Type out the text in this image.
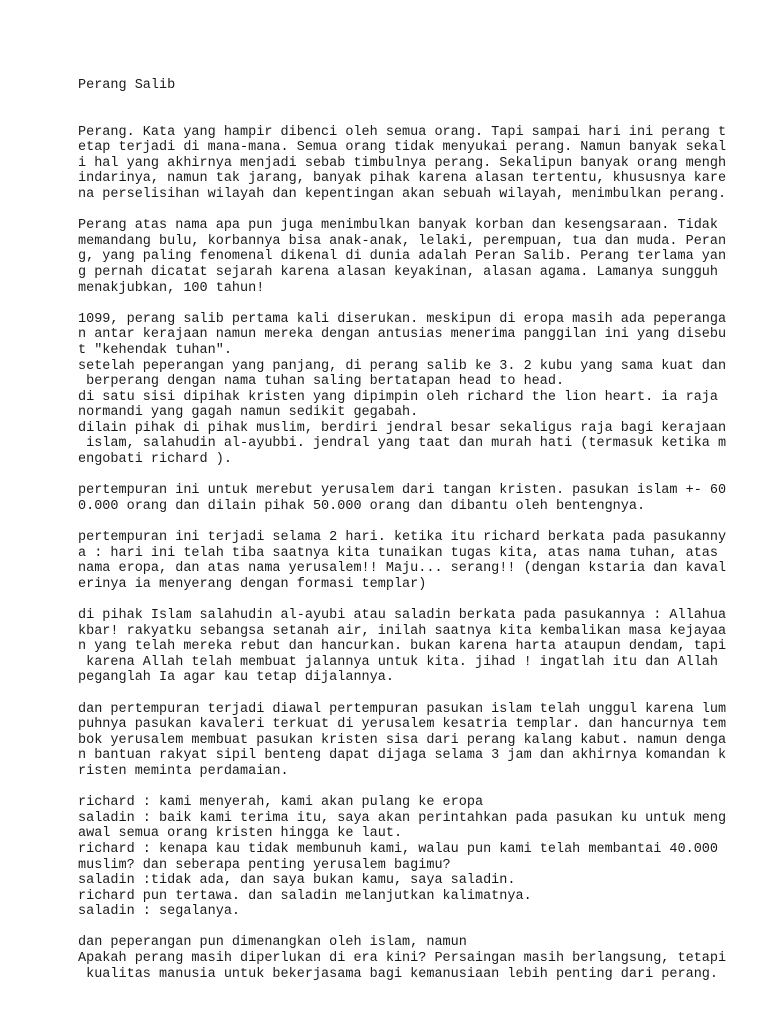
Perang Salib
Perang. Kata yang hampir dibenci oleh semua orang. Tapi sampai hari ini perang t
etap terjadi di mana-mana. Semua orang tidak menyukai perang. Namun banyak sekal
i hal yang akhirnya menjadi sebab timbulnya perang. Sekalipun banyak orang mengh
indarinya, namun tak jarang, banyak pihak karena alasan tertentu, khususnya kare
na perselisihan wilayah dan kepentingan akan sebuah wilayah, menimbulkan perang.
Perang atas nama apa pun juga menimbulkan banyak korban dan kesengsaraan. Tidak
memandang bulu, korbannya bisa anak-anak, lelaki, perempuan, tua dan muda. Peran
g, yang paling fenomenal dikenal di dunia adalah Peran Salib. Perang terlama yan
g pernah dicatat sejarah karena alasan keyakinan, alasan agama. Lamanya sungguh
menakjubkan, 100 tahun!
1099, perang salib pertama kali diserukan. meskipun di eropa masih ada peperanga
n antar kerajaan namun mereka dengan antusias menerima panggilan ini yang disebu
t "kehendak tuhan".
setelah peperangan yang panjang, di perang salib ke 3. 2 kubu yang sama kuat dan
berperang dengan nama tuhan saling bertatapan head to head.
di satu sisi dipihak kristen yang dipimpin oleh richard the lion heart. ia raja
normandi yang gagah namun sedikit gegabah.
dilain pihak di pihak muslim, berdiri jendral besar sekaligus raja bagi kerajaan
islam, salahudin al-ayubbi. jendral yang taat dan murah hati (termasuk ketika m
engobati richard ).
pertempuran ini untuk merebut yerusalem dari tangan kristen. pasukan islam +- 60
0.000 orang dan dilain pihak 50.000 orang dan dibantu oleh bentengnya.
pertempuran ini terjadi selama 2 hari. ketika itu richard berkata pada pasukanny
a : hari ini telah tiba saatnya kita tunaikan tugas kita, atas nama tuhan, atas
nama eropa, dan atas nama yerusalem!! Maju... serang!! (dengan kstaria dan kaval
erinya ia menyerang dengan formasi templar)
di pihak Islam salahudin al-ayubi atau saladin berkata pada pasukannya : Allahua
kbar! rakyatku sebangsa setanah air, inilah saatnya kita kembalikan masa kejayaa
n yang telah mereka rebut dan hancurkan. bukan karena harta ataupun dendam, tapi
karena Allah telah membuat jalannya untuk kita. jihad ! ingatlah itu dan Allah
peganglah Ia agar kau tetap dijalannya.
dan pertempuran terjadi diawal pertempuran pasukan islam telah unggul karena lum
puhnya pasukan kavaleri terkuat di yerusalem kesatria templar. dan hancurnya tem
bok yerusalem membuat pasukan kristen sisa dari perang kalang kabut. namun denga
n bantuan rakyat sipil benteng dapat dijaga selama 3 jam dan akhirnya komandan k
risten meminta perdamaian.
richard : kami menyerah, kami akan pulang ke eropa
saladin : baik kami terima itu, saya akan perintahkan pada pasukan ku untuk meng
awal semua orang kristen hingga ke laut.
richard : kenapa kau tidak membunuh kami, walau pun kami telah membantai 40.000
muslim? dan seberapa penting yerusalem bagimu?
saladin :tidak ada, dan saya bukan kamu, saya saladin.
richard pun tertawa. dan saladin melanjutkan kalimatnya.
saladin : segalanya.
dan peperangan pun dimenangkan oleh islam, namun
Apakah perang masih diperlukan di era kini? Persaingan masih berlangsung, tetapi
kualitas manusia untuk bekerjasama bagi kemanusiaan lebih penting dari perang.
